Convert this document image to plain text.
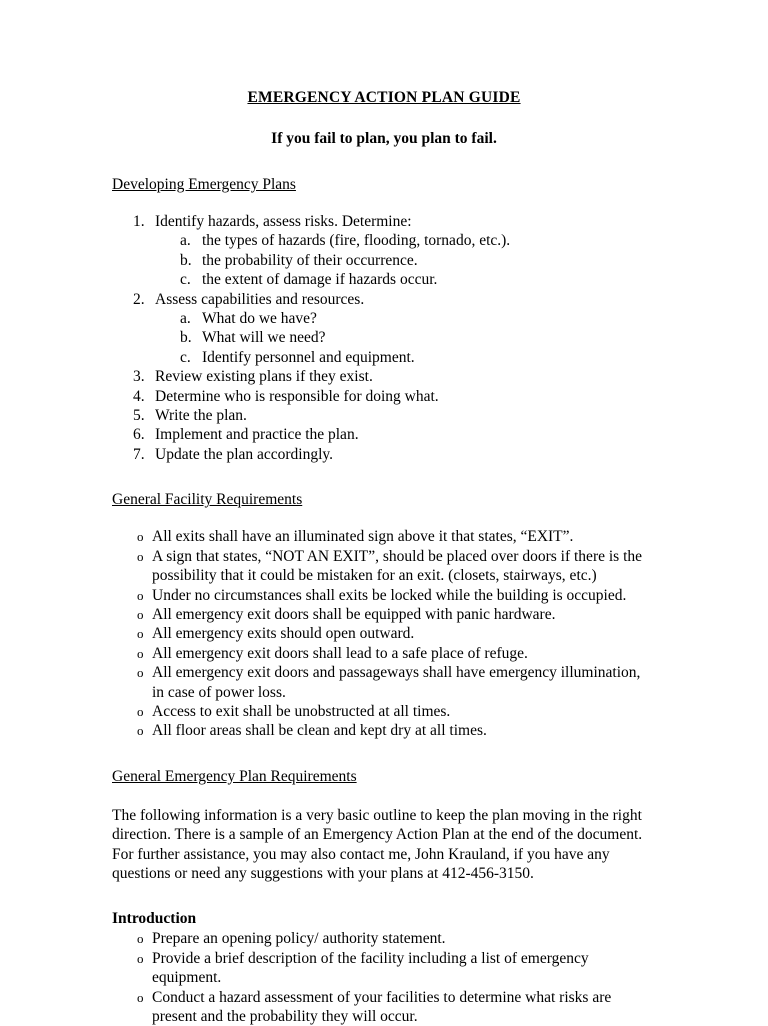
EMERGENCY ACTION PLAN GUIDE

If you fail to plan, you plan to fail.

Developing Emergency Plans

1. Identify hazards, assess risks. Determine:
a. the types of hazards (fire, flooding, tornado, etc.).
b. the probability of their occurrence.
c. the extent of damage if hazards occur.
2. Assess capabilities and resources.
a. What do we have?
b. What will we need?
c. Identify personnel and equipment.
3. Review existing plans if they exist.
4. Determine who is responsible for doing what.
5. Write the plan.
6. Implement and practice the plan.
7. Update the plan accordingly.

General Facility Requirements

o All exits shall have an illuminated sign above it that states, “EXIT”.
o A sign that states, “NOT AN EXIT”, should be placed over doors if there is the possibility that it could be mistaken for an exit. (closets, stairways, etc.)
o Under no circumstances shall exits be locked while the building is occupied.
o All emergency exit doors shall be equipped with panic hardware.
o All emergency exits should open outward.
o All emergency exit doors shall lead to a safe place of refuge.
o All emergency exit doors and passageways shall have emergency illumination, in case of power loss.
o Access to exit shall be unobstructed at all times.
o All floor areas shall be clean and kept dry at all times.

General Emergency Plan Requirements

The following information is a very basic outline to keep the plan moving in the right direction. There is a sample of an Emergency Action Plan at the end of the document. For further assistance, you may also contact me, John Krauland, if you have any questions or need any suggestions with your plans at 412-456-3150.

Introduction

o Prepare an opening policy/ authority statement.
o Provide a brief description of the facility including a list of emergency equipment.
o Conduct a hazard assessment of your facilities to determine what risks are present and the probability they will occur.
